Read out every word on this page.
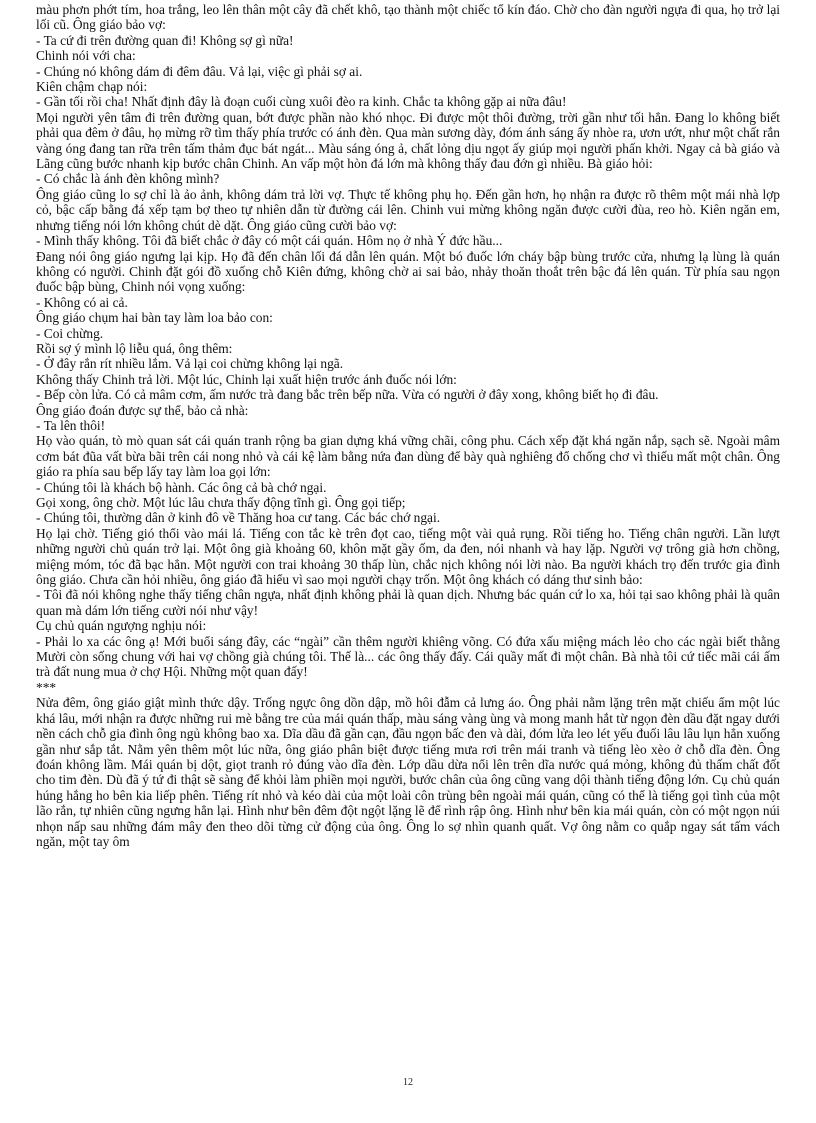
màu phơn phớt tím, hoa trắng, leo lên thân một cây đã chết khô, tạo thành một chiếc tổ kín đáo. Chờ cho đàn người ngựa đi qua, họ trở lại lối cũ. Ông giáo bảo vợ:

- Ta cứ đi trên đường quan đi! Không sợ gì nữa!

Chinh nói với cha:

- Chúng nó không dám đi đêm đâu. Vả lại, việc gì phải sợ ai.

Kiên chậm chạp nói:

- Gần tối rồi cha! Nhất định đây là đoạn cuối cùng xuôi đèo ra kinh. Chắc ta không gặp ai nữa đâu!

Mọi người yên tâm đi trên đường quan, bớt được phần nào khó nhọc. Đi được một thôi đường, trời gần như tối hẳn. Đang lo không biết phải qua đêm ở đâu, họ mừng rỡ tìm thấy phía trước có ánh đèn. Qua màn sương dày, đóm ánh sáng ấy nhòe ra, ươn ướt, như một chất rắn vàng óng đang tan rữa trên tấm thảm đục bát ngát... Màu sáng óng ả, chất lỏng dịu ngọt ấy giúp mọi người phấn khởi. Ngay cả bà giáo và Lãng cũng bước nhanh kịp bước chân Chinh. An vấp một hòn đá lớn mà không thấy đau đớn gì nhiều. Bà giáo hỏi:

- Có chắc là ánh đèn không mình?

Ông giáo cũng lo sợ chỉ là ảo ảnh, không dám trả lời vợ. Thực tế không phụ họ. Đến gần hơn, họ nhận ra được rõ thêm một mái nhà lợp cỏ, bậc cấp bằng đá xếp tạm bợ theo tự nhiên dẫn từ đường cái lên. Chinh vui mừng không ngăn được cười đùa, reo hò. Kiên ngăn em, nhưng tiếng nói lớn không chút dè dặt. Ông giáo cũng cười bảo vợ:

- Mình thấy không. Tôi đã biết chắc ở đây có một cái quán. Hôm nọ ở nhà Ý đức hầu...

Đang nói ông giáo ngưng lại kịp. Họ đã đến chân lối đá dẫn lên quán. Một bó đuốc lớn cháy bập bùng trước cửa, nhưng lạ lùng là quán không có người. Chinh đặt gói đồ xuống chỗ Kiên đứng, không chờ ai sai bảo, nhảy thoăn thoắt trên bậc đá lên quán. Từ phía sau ngọn đuốc bập bùng, Chinh nói vọng xuống:

- Không có ai cả.

Ông giáo chụm hai bàn tay làm loa bảo con:

- Coi chừng.

Rồi sợ ý mình lộ liễu quá, ông thêm:

- Ở đây rắn rít nhiều lắm. Vả lại coi chừng không lại ngã.

Không thấy Chinh trả lời. Một lúc, Chinh lại xuất hiện trước ánh đuốc nói lớn:

- Bếp còn lửa. Có cả mâm cơm, ấm nước trà đang bắc trên bếp nữa. Vừa có người ở đây xong, không biết họ đi đâu.

Ông giáo đoán được sự thể, bảo cả nhà:

- Ta lên thôi!

Họ vào quán, tò mò quan sát cái quán tranh rộng ba gian dựng khá vững chãi, công phu. Cách xếp đặt khá ngăn nắp, sạch sẽ. Ngoài mâm cơm bát đũa vất bừa bãi trên cái nong nhỏ và cái kệ làm bằng nứa đan dùng để bày quà nghiêng đổ chống chơ vì thiếu mất một chân. Ông giáo ra phía sau bếp lấy tay làm loa gọi lớn:

- Chúng tôi là khách bộ hành. Các ông cả bà chớ ngại.

Gọi xong, ông chờ. Một lúc lâu chưa thấy động tĩnh gì. Ông gọi tiếp;

- Chúng tôi, thường dân ở kinh đô về Thăng hoa cư tang. Các bác chớ ngại.

Họ lại chờ. Tiếng gió thổi vào mái lá. Tiếng con tắc kè trên đọt cao, tiếng một vài quả rụng. Rồi tiếng ho. Tiếng chân người. Lần lượt những người chủ quán trở lại. Một ông già khoảng 60, khôn mặt gầy ốm, da đen, nói nhanh và hay lặp. Người vợ trông già hơn chồng, miệng móm, tóc đã bạc hẳn. Một người con trai khoảng 30 thấp lùn, chắc nịch không nói lời nào. Ba người khách trọ đến trước gia đình ông giáo. Chưa cần hỏi nhiều, ông giáo đã hiểu vì sao mọi người chạy trốn. Một ông khách có dáng thư sinh bảo:

- Tôi đã nói không nghe thấy tiếng chân ngựa, nhất định không phải là quan dịch. Nhưng bác quán cứ lo xa, hỏi tại sao không phải là quân quan mà dám lớn tiếng cười nói như vậy!

Cụ chủ quán ngượng nghịu nói:

- Phải lo xa các ông ạ! Mới buổi sáng đây, các “ngài” cần thêm người khiêng võng. Có đứa xấu miệng mách lẻo cho các ngài biết thằng Mười còn sống chung với hai vợ chồng già chúng tôi. Thế là... các ông thấy đấy. Cái quầy mất đi một chân. Bà nhà tôi cứ tiếc mãi cái ấm trà đất nung mua ở chợ Hội. Những một quan đấy!

***

Nửa đêm, ông giáo giật mình thức dậy. Trống ngực ông dồn dập, mồ hôi đẫm cả lưng áo. Ông phải nằm lặng trên mặt chiếu ẩm một lúc khá lâu, mới nhận ra được những rui mè bằng tre của mái quán thấp, màu sáng vàng ùng và mong manh hắt từ ngọn đèn dầu đặt ngay dưới nền cách chỗ gia đình ông ngủ không bao xa. Dĩa dầu đã gần cạn, đầu ngọn bấc đen và dài, đóm lửa leo lét yếu đuối lâu lâu lụn hẳn xuống gần như sắp tắt. Nằm yên thêm một lúc nữa, ông giáo phân biệt được tiếng mưa rơi trên mái tranh và tiếng lèo xèo ở chỗ dĩa đèn. Ông đoán không lầm. Mái quán bị dột, giọt tranh rỏ đúng vào dĩa đèn. Lớp dầu dừa nổi lên trên dĩa nước quá mỏng, không đủ thấm chất đốt cho tim đèn. Dù đã ý tứ đi thật sẽ sàng để khỏi làm phiền mọi người, bước chân của ông cũng vang dội thành tiếng động lớn. Cụ chủ quán húng hắng ho bên kia liếp phên. Tiếng rít nhỏ và kéo dài của một loài côn trùng bên ngoài mái quán, cũng có thể là tiếng gọi tình của một lão rắn, tự nhiên cũng ngưng hẳn lại. Hình như bên đêm đột ngột lặng lẽ để rình rập ông. Hình như bên kia mái quán, còn có một ngọn núi nhọn nấp sau những đám mây đen theo dõi từng cử động của ông. Ông lo sợ nhìn quanh quất. Vợ ông nằm co quắp ngay sát tấm vách ngăn, một tay ôm

12
